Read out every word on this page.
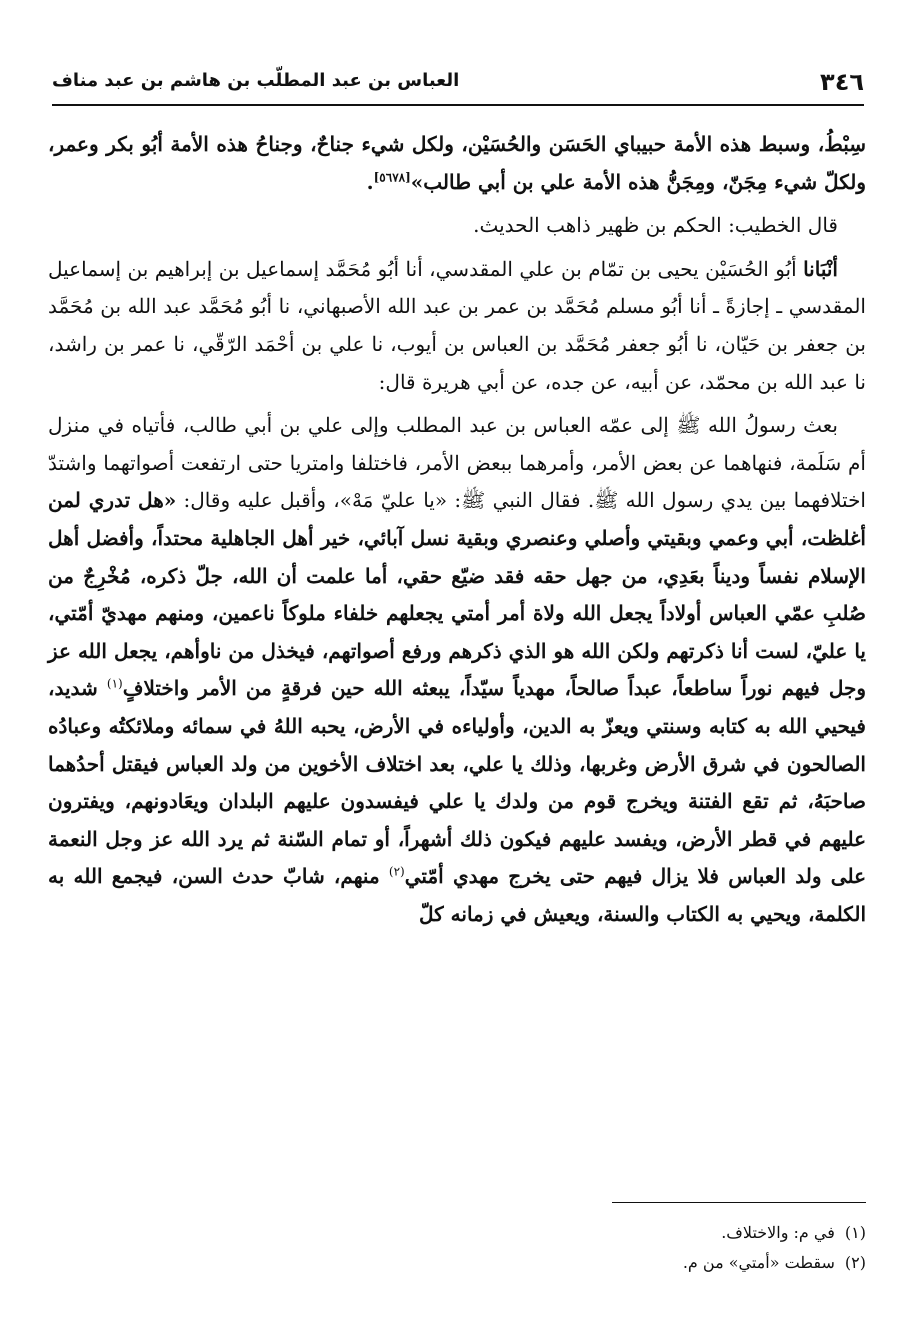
٣٤٦
العباس بن عبد المطلّب بن هاشم بن عبد مناف

سِبْطُ، وسبط هذه الأمة حبيباي الحَسَن والحُسَيْن، ولكل شيء جناحٌ، وجناحُ هذه الأمة أبُو بكر وعمر، ولكلّ شيء مِجَنّ، ومِجَنُّ هذه الأمة علي بن أبي طالب»[٥٦٧٨].

قال الخطيب: الحكم بن ظهير ذاهب الحديث.

أنْبَانا أبُو الحُسَيْن يحيى بن تمّام بن علي المقدسي، أنا أبُو مُحَمَّد إسماعيل بن إبراهيم بن إسماعيل المقدسي ـ إجازةً ـ أنا أبُو مسلم مُحَمَّد بن عمر بن عبد الله الأصبهاني، نا أبُو مُحَمَّد عبد الله بن مُحَمَّد بن جعفر بن حَيّان، نا أبُو جعفر مُحَمَّد بن العباس بن أيوب، نا علي بن أحْمَد الرّقّي، نا عمر بن راشد، نا عبد الله بن محمّد، عن أبيه، عن جده، عن أبي هريرة قال:

بعث رسولُ الله ﷺ إلى عمّه العباس بن عبد المطلب وإلى علي بن أبي طالب، فأتياه في منزل أم سَلَمة، فنهاهما عن بعض الأمر، وأمرهما ببعض الأمر، فاختلفا وامتريا حتى ارتفعت أصواتهما واشتدّ اختلافهما بين يدي رسول الله ﷺ. فقال النبي ﷺ: «يا عليّ مَهْ»، وأقبل عليه وقال: «هل تدري لمن أغلظت، أبي وعمي وبقيتي وأصلي وعنصري وبقية نسل آبائي، خير أهل الجاهلية محتداً، وأفضل أهل الإسلام نفساً وديناً بعَدِي، من جهل حقه فقد ضيّع حقي، أما علمت أن الله، جلّ ذكره، مُخْرِجٌ من صُلبِ عمّي العباس أولاداً يجعل الله ولاة أمر أمتي يجعلهم خلفاء ملوكاً ناعمين، ومنهم مهديّ أمّتي، يا عليّ، لست أنا ذكرتهم ولكن الله هو الذي ذكرهم ورفع أصواتهم، فيخذل من ناوأهم، يجعل الله عز وجل فيهم نوراً ساطعاً، عبداً صالحاً، مهدياً سيّداً، يبعثه الله حين فرقةٍ من الأمر واختلافٍ$^{(١)}$ شديد، فيحيي الله به كتابه وسنتي ويعزّ به الدين، وأولياءه في الأرض، يحبه اللهُ في سمائه وملائكتُه وعبادُه الصالحون في شرق الأرض وغربها، وذلك يا علي، بعد اختلاف الأخوين من ولد العباس فيقتل أحدُهما صاحبَهُ، ثم تقع الفتنة ويخرج قوم من ولدك يا علي فيفسدون عليهم البلدان ويعَادونهم، ويفترون عليهم في قطر الأرض، ويفسد عليهم فيكون ذلك أشهراً، أو تمام السّنة ثم يرد الله عز وجل النعمة على ولد العباس فلا يزال فيهم حتى يخرج مهدي أمّتي$^{(٢)}$ منهم، شابّ حدث السن، فيجمع الله به الكلمة، ويحيي به الكتاب والسنة، ويعيش في زمانه كلّ

(١)في م: والاختلاف.
(٢)سقطت «أمتي» من م.
